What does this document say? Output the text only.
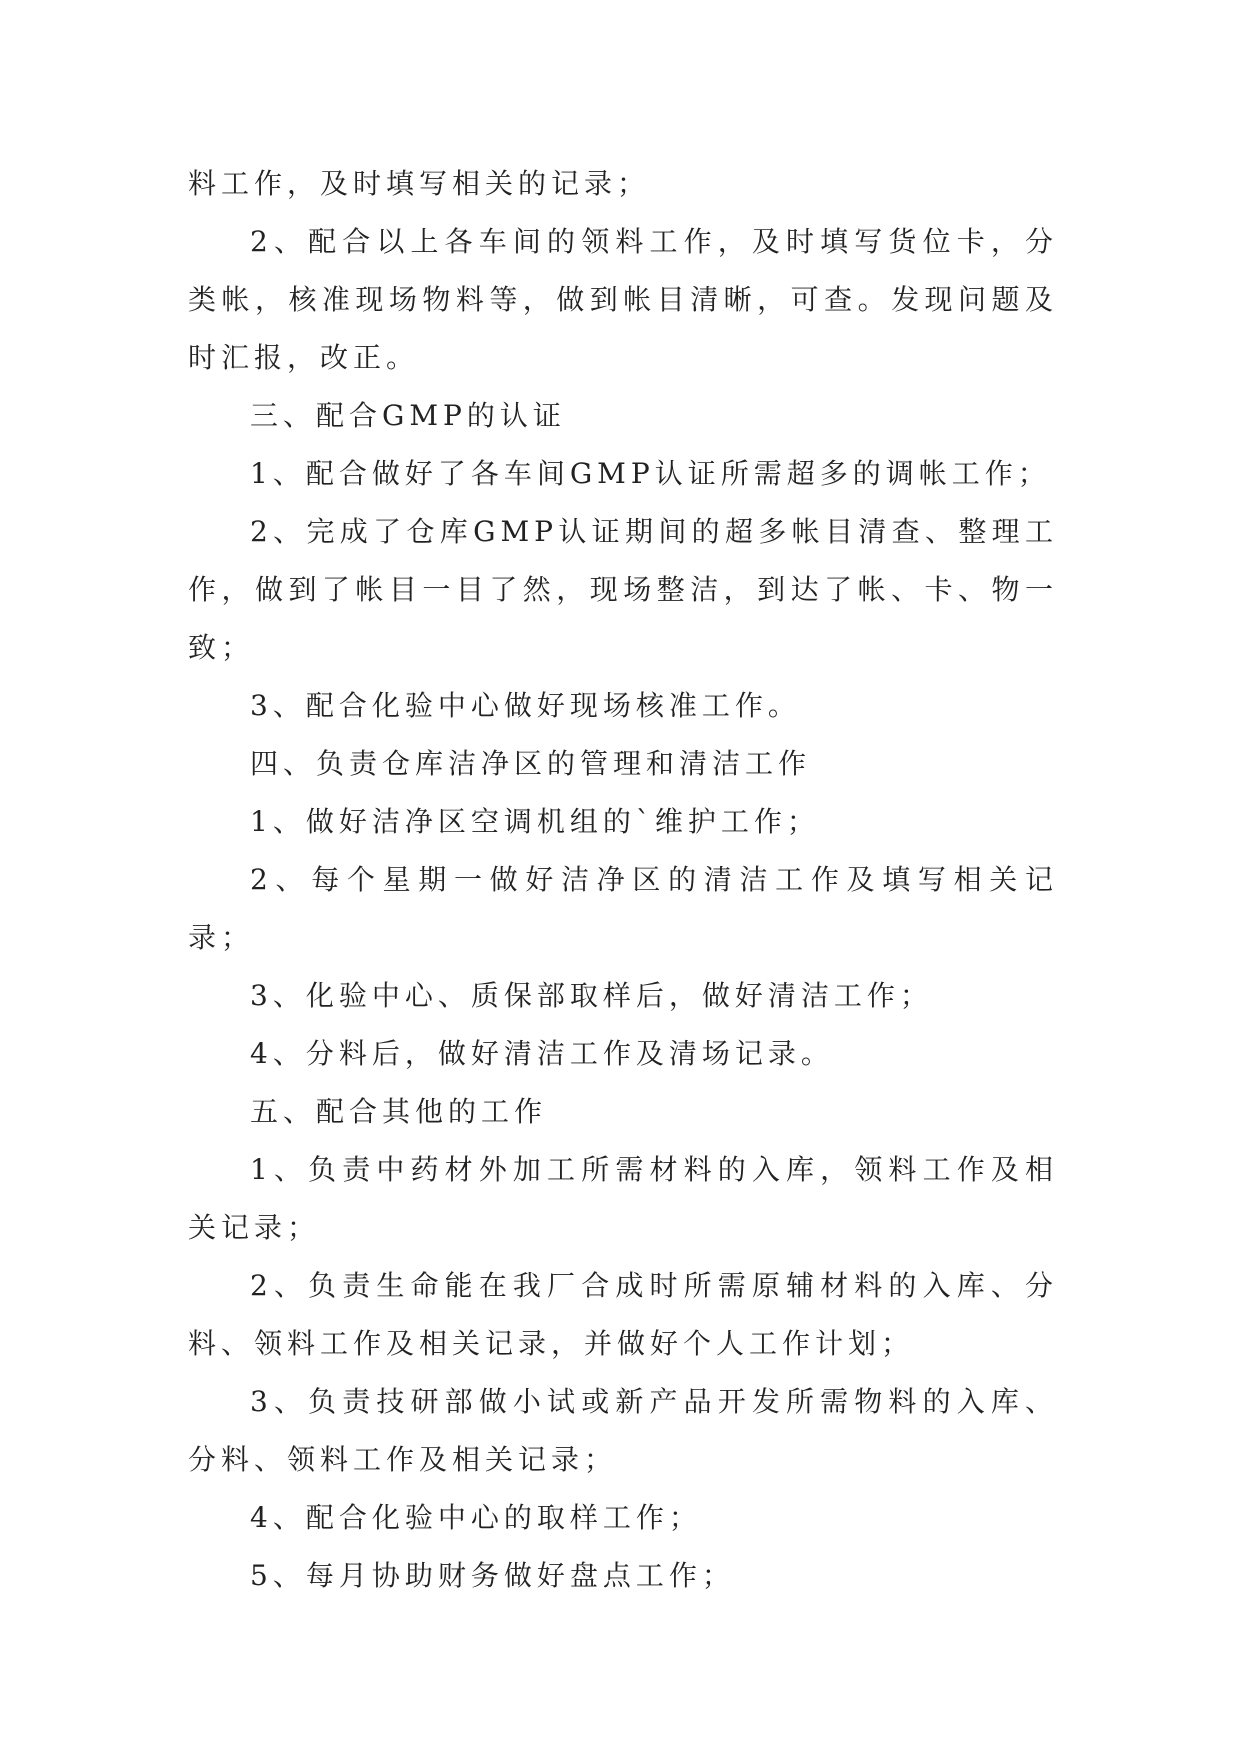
料工作，及时填写相关的记录；

2、配合以上各车间的领料工作，及时填写货位卡，分类帐，核准现场物料等，做到帐目清晰，可查。发现问题及时汇报，改正。

三、配合GMP的认证

1、配合做好了各车间GMP认证所需超多的调帐工作；

2、完成了仓库GMP认证期间的超多帐目清查、整理工作，做到了帐目一目了然，现场整洁，到达了帐、卡、物一致；

3、配合化验中心做好现场核准工作。

四、负责仓库洁净区的管理和清洁工作

1、做好洁净区空调机组的`维护工作；

2、每个星期一做好洁净区的清洁工作及填写相关记录；

3、化验中心、质保部取样后，做好清洁工作；

4、分料后，做好清洁工作及清场记录。

五、配合其他的工作

1、负责中药材外加工所需材料的入库，领料工作及相关记录；

2、负责生命能在我厂合成时所需原辅材料的入库、分料、领料工作及相关记录，并做好个人工作计划；

3、负责技研部做小试或新产品开发所需物料的入库、分料、领料工作及相关记录；

4、配合化验中心的取样工作；

5、每月协助财务做好盘点工作；
